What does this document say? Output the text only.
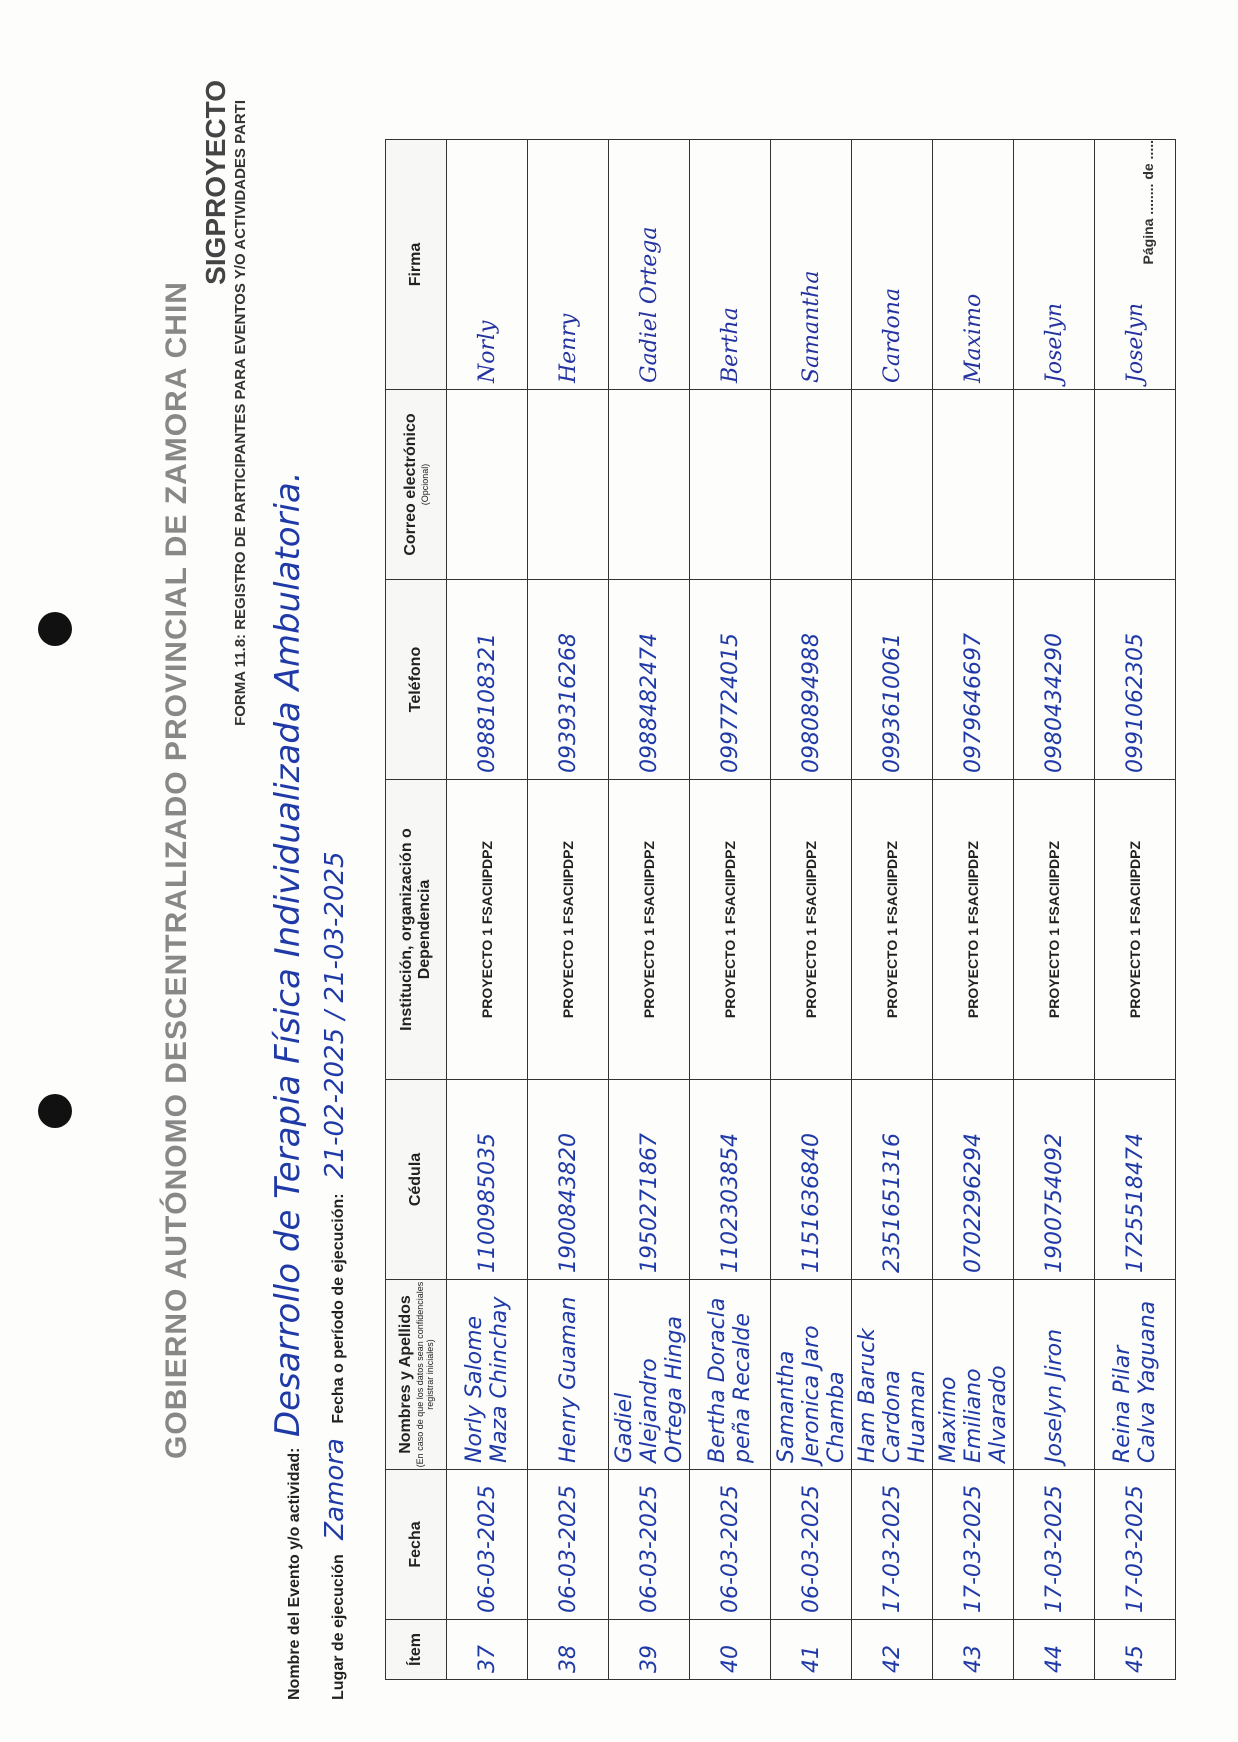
GOBIERNO AUTÓNOMO DESCENTRALIZADO PROVINCIAL DE ZAMORA CHIN
SIGPROYECTO FORMA 11.8: REGISTRO DE PARTICIPANTES PARA EVENTOS Y/O ACTIVIDADES PARTI
Nombre del Evento y/o actividad: Desarrollo de Terapia Física Individualizada Ambulatoria.
Lugar de ejecución Zamora Fecha o período de ejecución: 21-02-2025 / 21-03-2025
Ítem	Fecha	Nombres y Apellidos (En caso de que los datos sean confidenciales registrar iniciales)	Cédula	Institución, organización o Dependencia	Teléfono	Correo electrónico (Opcional)	Firma
37	06-03-2025	Norly Salome Maza Chinchay	1100985035	PROYECTO 1 FSACIIPDPZ	0988108321		Norly
38	06-03-2025	Henry Guaman	1900843820	PROYECTO 1 FSACIIPDPZ	0939316268		Henry
39	06-03-2025	Gadiel Alejandro Ortega Hinga	1950271867	PROYECTO 1 FSACIIPDPZ	0988482474		Gadiel Ortega
40	06-03-2025	Bertha Doracla peña Recalde	1102303854	PROYECTO 1 FSACIIPDPZ	0997724015		Bertha
41	06-03-2025	Samantha Jeronica Jaro Chamba	1151636840	PROYECTO 1 FSACIIPDPZ	0980894988		Samantha
42	17-03-2025	Ham Baruck Cardona Huaman	2351651316	PROYECTO 1 FSACIIPDPZ	0993610061		Cardona
43	17-03-2025	Maximo Emiliano Alvarado	0702296294	PROYECTO 1 FSACIIPDPZ	0979646697		Maximo
44	17-03-2025	Joselyn Jiron	1900754092	PROYECTO 1 FSACIIPDPZ	0980434290		Joselyn
45	17-03-2025	Reina Pilar Calva Yaguana	1725518474	PROYECTO 1 FSACIIPDPZ	0991062305		Joselyn
Página ........ de .....
